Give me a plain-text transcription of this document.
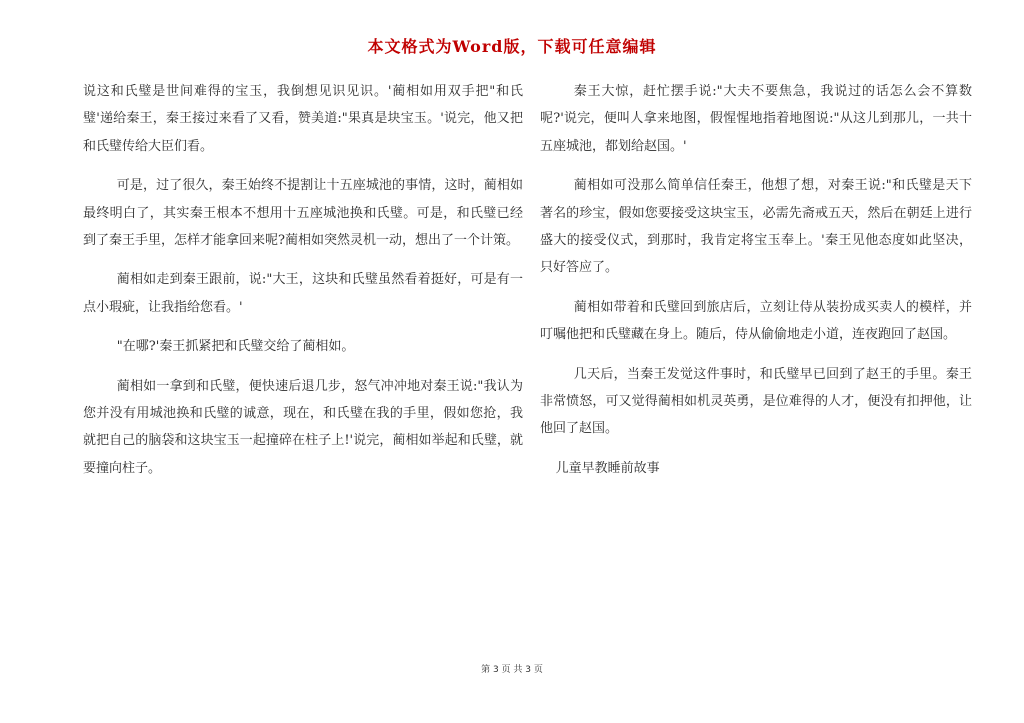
本文格式为Word版，下载可任意编辑

说这和氏璧是世间难得的宝玉，我倒想见识见识。'蔺相如用双手把"和氏璧'递给秦王，秦王接过来看了又看，赞美道:"果真是块宝玉。'说完，他又把和氏璧传给大臣们看。

可是，过了很久，秦王始终不提割让十五座城池的事情，这时，蔺相如最终明白了，其实秦王根本不想用十五座城池换和氏璧。可是，和氏璧已经到了秦王手里，怎样才能拿回来呢?蔺相如突然灵机一动，想出了一个计策。

蔺相如走到秦王跟前，说:"大王，这块和氏璧虽然看着挺好，可是有一点小瑕疵，让我指给您看。'

"在哪?'秦王抓紧把和氏璧交给了蔺相如。

蔺相如一拿到和氏璧，便快速后退几步，怒气冲冲地对秦王说:"我认为您并没有用城池换和氏璧的诚意，现在，和氏璧在我的手里，假如您抢，我就把自己的脑袋和这块宝玉一起撞碎在柱子上!'说完，蔺相如举起和氏璧，就要撞向柱子。

秦王大惊，赶忙摆手说:"大夫不要焦急，我说过的话怎么会不算数呢?'说完，便叫人拿来地图，假惺惺地指着地图说:"从这儿到那儿，一共十五座城池，都划给赵国。'

蔺相如可没那么简单信任秦王，他想了想，对秦王说:"和氏璧是天下著名的珍宝，假如您要接受这块宝玉，必需先斋戒五天，然后在朝廷上进行盛大的接受仪式，到那时，我肯定将宝玉奉上。'秦王见他态度如此坚决，只好答应了。

蔺相如带着和氏璧回到旅店后，立刻让侍从装扮成买卖人的模样，并叮嘱他把和氏璧藏在身上。随后，侍从偷偷地走小道，连夜跑回了赵国。

几天后，当秦王发觉这件事时，和氏璧早已回到了赵王的手里。秦王非常愤怒，可又觉得蔺相如机灵英勇，是位难得的人才，便没有扣押他，让他回了赵国。

儿童早教睡前故事

第 3 页 共 3 页
